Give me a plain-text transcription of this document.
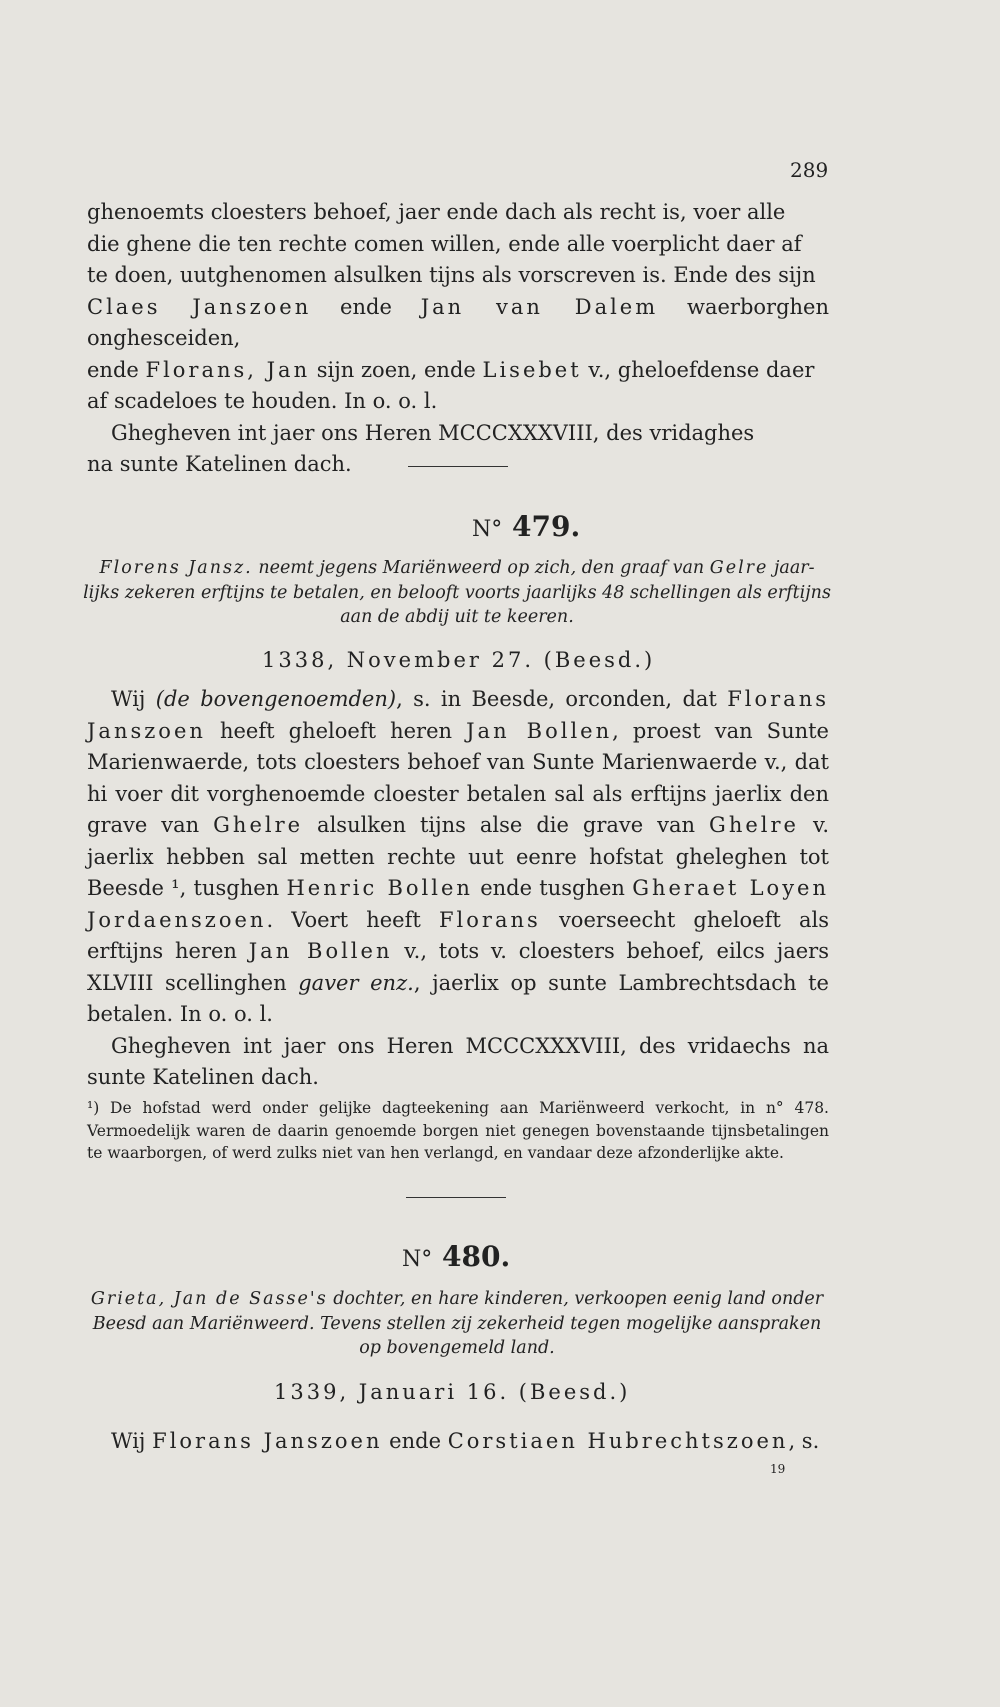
289

ghenoemts cloesters behoef, jaer ende dach als recht is, voer alle

die ghene die ten rechte comen willen, ende alle voerplicht daer af

te doen, uutghenomen alsulken tijns als vorscreven is. Ende des sijn

Claes Janszoen ende Jan van Dalem waerborghen onghesceiden,

ende Florans, Jan sijn zoen, ende Lisebet v., gheloefdense daer

af scadeloes te houden. In o. o. l.

Ghegheven int jaer ons Heren MCCCXXXVIII, des vridaghes

na sunte Katelinen dach.

N° 479.

Florens Jansz. neemt jegens Mariënweerd op zich, den graaf van Gelre jaar-lijks zekeren erftijns te betalen, en belooft voorts jaarlijks 48 schellingen als erftijns aan de abdij uit te keeren.

1338, November 27. (Beesd.)

Wij (de bovengenoemden), s. in Beesde, orconden, dat Florans Janszoen heeft gheloeft heren Jan Bollen, proest van Sunte Marienwaerde, tots cloesters behoef van Sunte Marienwaerde v., dat hi voer dit vorghenoemde cloester betalen sal als erftijns jaerlix den grave van Ghelre alsulken tijns alse die grave van Ghelre v. jaerlix hebben sal metten rechte uut eenre hofstat gheleghen tot Beesde ¹, tusghen Henric Bollen ende tusghen Gheraet Loyen Jordaenszoen. Voert heeft Florans voerseecht gheloeft als erftijns heren Jan Bollen v., tots v. cloesters behoef, eilcs jaers XLVIII scellinghen gaver enz., jaerlix op sunte Lambrechtsdach te betalen. In o. o. l.

Ghegheven int jaer ons Heren MCCCXXXVIII, des vridaechs na sunte Katelinen dach.

¹) De hofstad werd onder gelijke dagteekening aan Mariënweerd verkocht, in n° 478. Vermoedelijk waren de daarin genoemde borgen niet genegen bovenstaande tijnsbetalingen te waarborgen, of werd zulks niet van hen verlangd, en vandaar deze afzonderlijke akte.

N° 480.

Grieta, Jan de Sasse's dochter, en hare kinderen, verkoopen eenig land onder Beesd aan Mariënweerd. Tevens stellen zij zekerheid tegen mogelijke aanspraken op bovengemeld land.

1339, Januari 16. (Beesd.)

Wij Florans Janszoen ende Corstiaen Hubrechtszoen, s.

19
